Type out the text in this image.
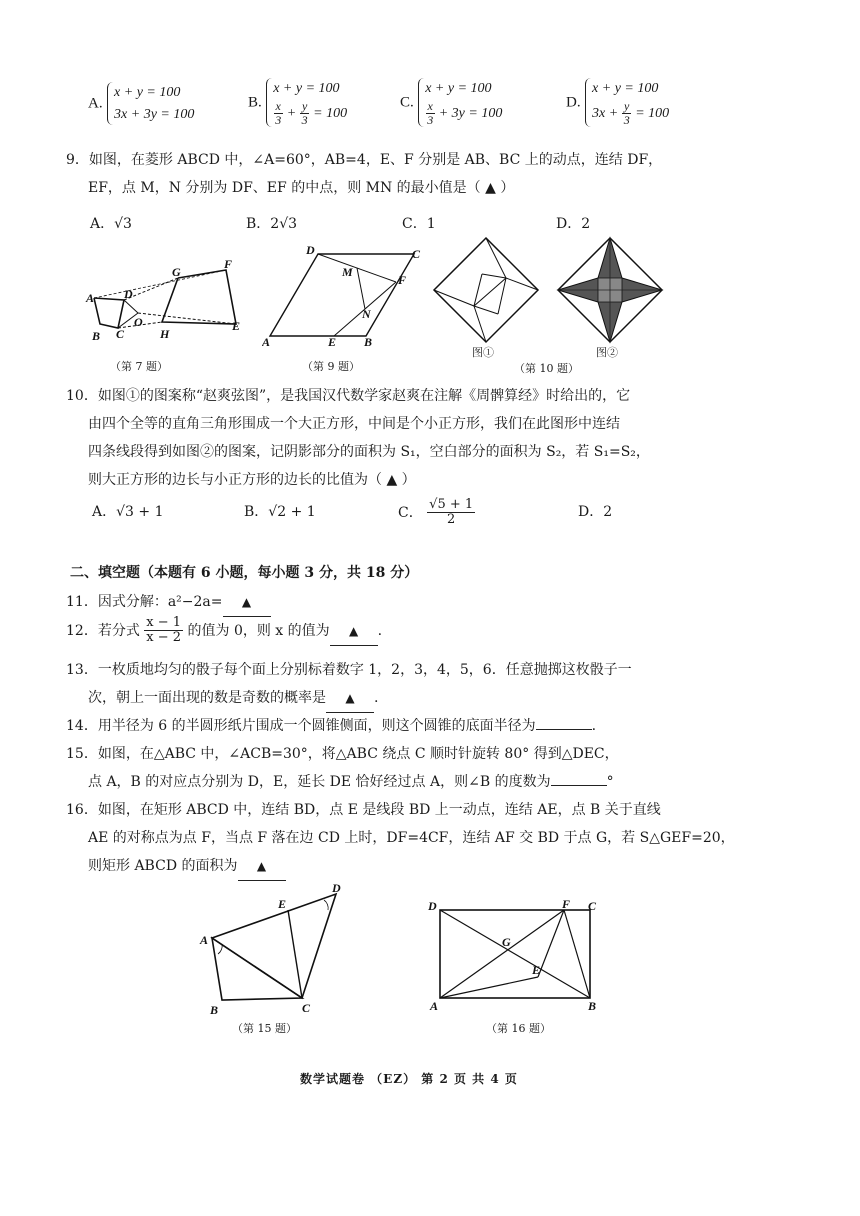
A.
x + y = 100
3x + 3y = 100
B.
x + y = 100
$\frac{x}{3} + \frac{y}{3} = 100$
C.
x + y = 100
$\frac{x}{3} + 3y = 100$
D.
x + y = 100
$3x + \frac{y}{3} = 100$
9．如图，在菱形 ABCD 中，∠A=60°，AB=4，E、F 分别是 AB、BC 上的动点，连结 DF，
EF，点 M，N 分别为 DF、EF 的中点，则 MN 的最小值是（ ▲ ）
A．√3	B．2√3	C．1	D．2
A D
B C
O
G
F
H
E
（第 7 题）
D	C
M
F
N
A	E B
（第 9 题）
图①	图②
（第 10 题）
10．如图①的图案称“赵爽弦图”，是我国汉代数学家赵爽在注解《周髀算经》时给出的，它
由四个全等的直角三角形围成一个大正方形，中间是个小正方形，我们在此图形中连结
四条线段得到如图②的图案，记阴影部分的面积为 S₁，空白部分的面积为 S₂，若 S₁=S₂，
则大正方形的边长与小正方形的边长的比值为（ ▲ ）
A．√3 + 1	B．√2 + 1	C． $\frac{√5 + 1}{2}$	D．2
二、填空题（本题有 6 小题，每小题 3 分，共 18 分）
11．因式分解：a²−2a= ▲
12．若分式 $\frac{x - 1}{x - 2}$ 的值为 0，则 x 的值为 ▲ .
13．一枚质地均匀的骰子每个面上分别标着数字 1，2，3，4，5，6．任意抛掷这枚骰子一
次，朝上一面出现的数是奇数的概率是 ▲ .
14．用半径为 6 的半圆形纸片围成一个圆锥侧面，则这个圆锥的底面半径为	.
15．如图，在△ABC 中，∠ACB=30°，将△ABC 绕点 C 顺时针旋转 80° 得到△DEC，
点 A，B 的对应点分别为 D，E，延长 DE 恰好经过点 A，则∠B 的度数为	°
16．如图，在矩形 ABCD 中，连结 BD，点 E 是线段 BD 上一动点，连结 AE，点 B 关于直线
AE 的对称点为点 F，当点 F 落在边 CD 上时，DF=4CF，连结 AF 交 BD 于点 G，若 S△GEF=20，
则矩形 ABCD 的面积为 ▲
D
E
A
B	C
（第 15 题）
D	F C
G
E
A	B
（第 16 题）
数学试题卷 （EZ） 第 2 页 共 4 页
